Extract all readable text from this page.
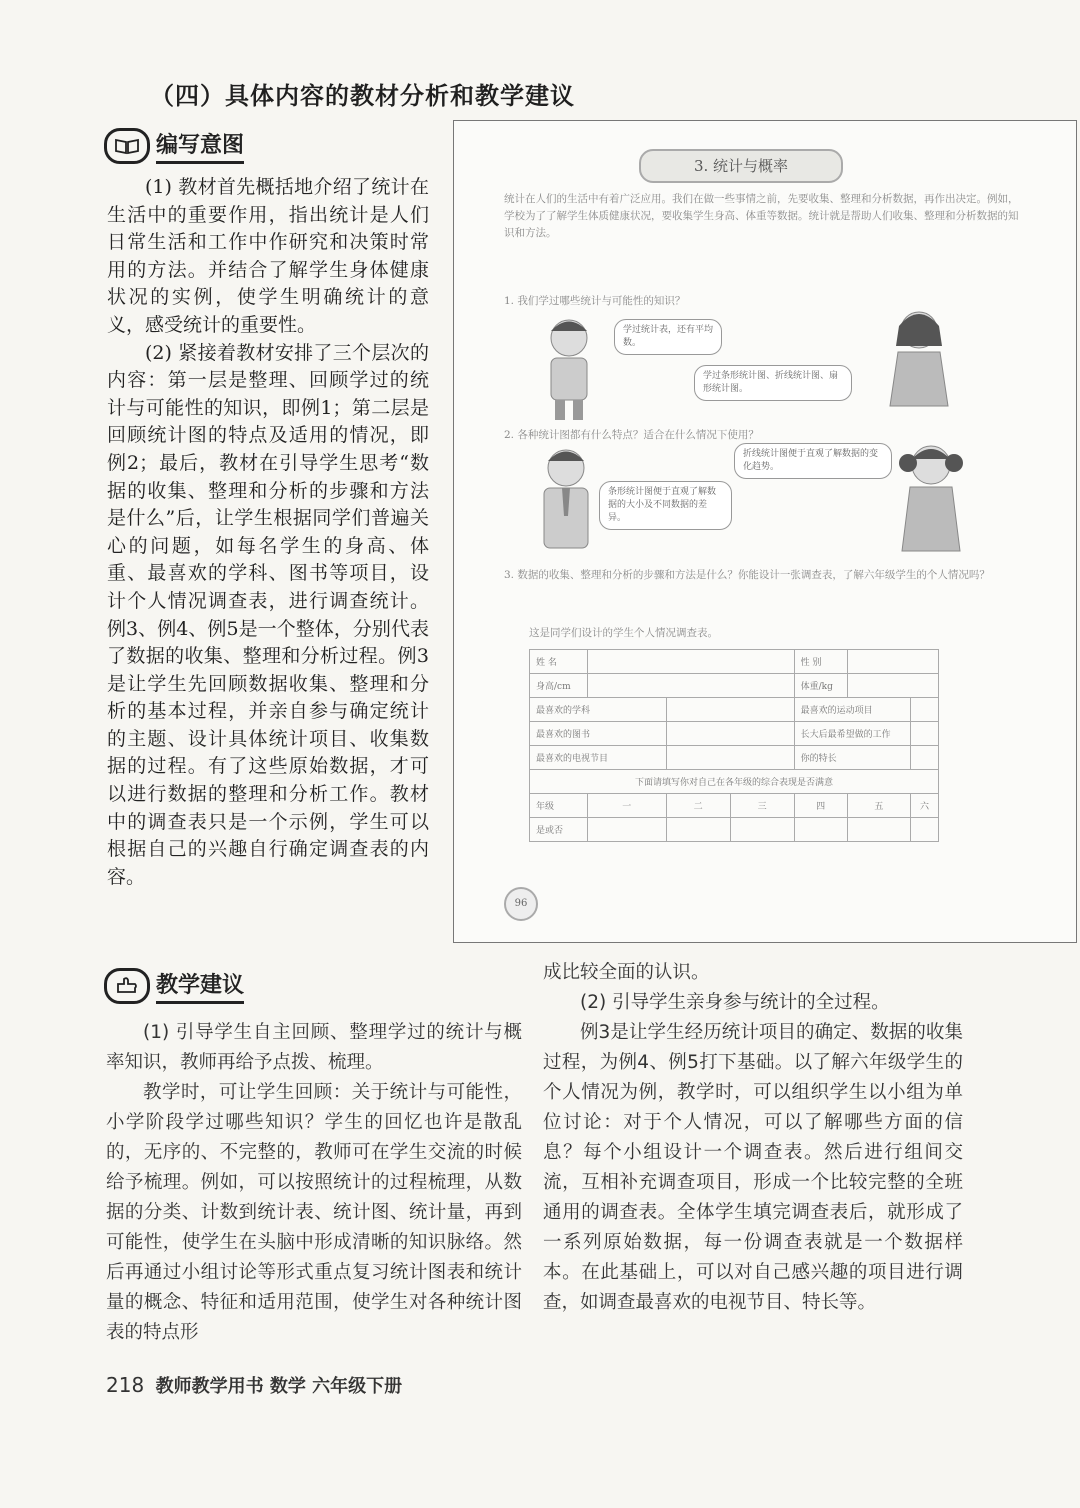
（四）具体内容的教材分析和教学建议
编写意图

(1) 教材首先概括地介绍了统计在生活中的重要作用，指出统计是人们日常生活和工作中作研究和决策时常用的方法。并结合了解学生身体健康状况的实例，使学生明确统计的意义，感受统计的重要性。

(2) 紧接着教材安排了三个层次的内容：第一层是整理、回顾学过的统计与可能性的知识，即例1；第二层是回顾统计图的特点及适用的情况，即例2；最后，教材在引导学生思考“数据的收集、整理和分析的步骤和方法是什么”后，让学生根据同学们普遍关心的问题，如每名学生的身高、体重、最喜欢的学科、图书等项目，设计个人情况调查表，进行调查统计。例3、例4、例5是一个整体，分别代表了数据的收集、整理和分析过程。例3是让学生先回顾数据收集、整理和分析的基本过程，并亲自参与确定统计的主题、设计具体统计项目、收集数据的过程。有了这些原始数据，才可以进行数据的整理和分析工作。教材中的调查表只是一个示例，学生可以根据自己的兴趣自行确定调查表的内容。

3. 统计与概率
统计在人们的生活中有着广泛应用。我们在做一些事情之前，先要收集、整理和分析数据，再作出决定。例如，学校为了了解学生体质健康状况，要收集学生身高、体重等数据。统计就是帮助人们收集、整理和分析数据的知识和方法。
1. 我们学过哪些统计与可能性的知识？
学过统计表，还有平均数。
学过条形统计图、折线统计图、扇形统计图。
2. 各种统计图都有什么特点？适合在什么情况下使用？
条形统计图便于直观了解数据的大小及不同数据的差异。
折线统计图便于直观了解数据的变化趋势。
3. 数据的收集、整理和分析的步骤和方法是什么？你能设计一张调查表，了解六年级学生的个人情况吗？
这是同学们设计的学生个人情况调查表。
姓 名				性 别		
身高/cm				体重/kg		
最喜欢的学科				最喜欢的运动项目		
最喜欢的图书				长大后最希望做的工作		
最喜欢的电视节目				你的特长		
下面请填写你对自己在各年级的综合表现是否满意						
年级	一	二	三	四	五	六
是或否						
96
教学建议

(1) 引导学生自主回顾、整理学过的统计与概率知识，教师再给予点拨、梳理。

教学时，可让学生回顾：关于统计与可能性，小学阶段学过哪些知识？学生的回忆也许是散乱的，无序的、不完整的，教师可在学生交流的时候给予梳理。例如，可以按照统计的过程梳理，从数据的分类、计数到统计表、统计图、统计量，再到可能性，使学生在头脑中形成清晰的知识脉络。然后再通过小组讨论等形式重点复习统计图表和统计量的概念、特征和适用范围，使学生对各种统计图表的特点形

成比较全面的认识。

(2) 引导学生亲身参与统计的全过程。

例3是让学生经历统计项目的确定、数据的收集过程，为例4、例5打下基础。以了解六年级学生的个人情况为例，教学时，可以组织学生以小组为单位讨论：对于个人情况，可以了解哪些方面的信息？每个小组设计一个调查表。然后进行组间交流，互相补充调查项目，形成一个比较完整的全班通用的调查表。全体学生填完调查表后，就形成了一系列原始数据，每一份调查表就是一个数据样本。在此基础上，可以对自己感兴趣的项目进行调查，如调查最喜欢的电视节目、特长等。

218 教师教学用书 数学 六年级下册
